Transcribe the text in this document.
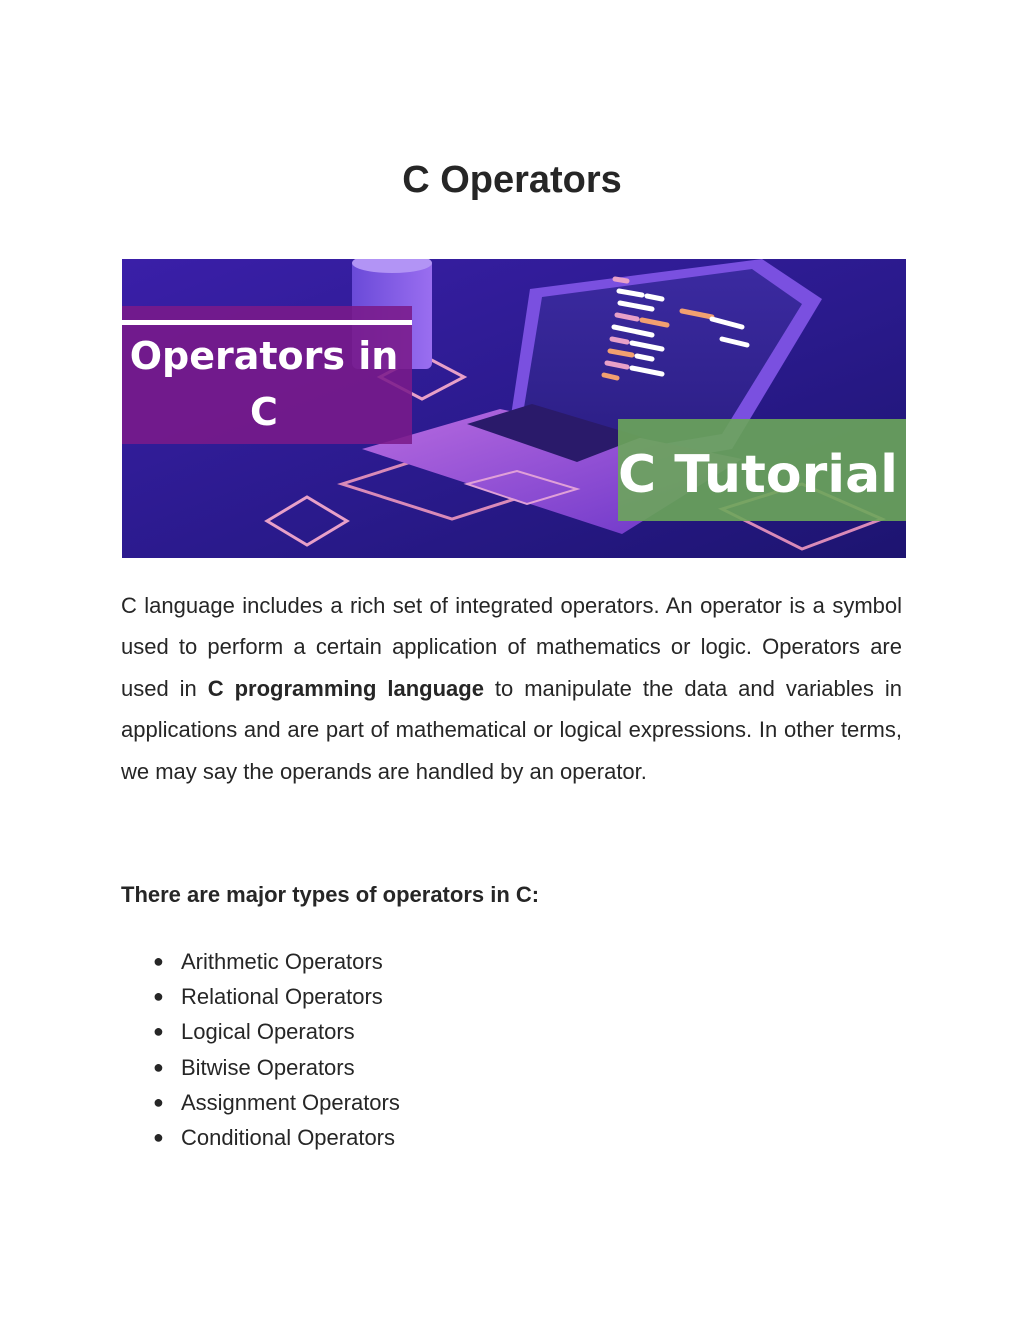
C Operators
Operators in
C
C Tutorial

C language includes a rich set of integrated operators. An operator is a symbol used to perform a certain application of mathematics or logic. Operators are used in C programming language to manipulate the data and variables in applications and are part of mathematical or logical expressions. In other terms, we may say the operands are handled by an operator.

There are major types of operators in C:

● Arithmetic Operators
● Relational Operators
● Logical Operators
● Bitwise Operators
● Assignment Operators
● Conditional Operators
